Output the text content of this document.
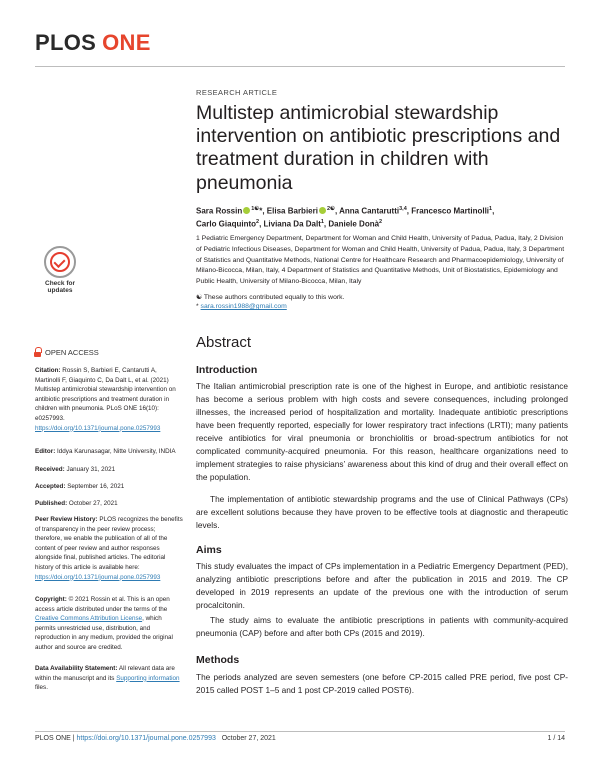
PLOS ONE
RESEARCH ARTICLE
Multistep antimicrobial stewardship intervention on antibiotic prescriptions and treatment duration in children with pneumonia
Sara Rossin $^{1☯}$*, Elisa Barbieri $^{2☯}$, Anna Cantarutti$^{3,4}$, Francesco Martinolli$^1$,
Carlo Giaquinto$^2$, Liviana Da Dalt$^1$, Daniele Donà$^2$
1 Pediatric Emergency Department, Department for Woman and Child Health, University of Padua, Padua, Italy, 2 Division of Pediatric Infectious Diseases, Department for Woman and Child Health, University of Padua, Padua, Italy, 3 Department of Statistics and Quantitative Methods, National Centre for Healthcare Research and Pharmacoepidemiology, University of Milano-Bicocca, Milan, Italy, 4 Department of Statistics and Quantitative Methods, Unit of Biostatistics, Epidemiology and Public Health, University of Milano-Bicocca, Milan, Italy
☯ These authors contributed equally to this work.
* sara.rossin1988@gmail.com
Abstract
Introduction
The Italian antimicrobial prescription rate is one of the highest in Europe, and antibiotic resistance has become a serious problem with high costs and severe consequences, including prolonged illnesses, the increased period of hospitalization and mortality. Inadequate antibiotic prescriptions have been frequently reported, especially for lower respiratory tract infections (LRTI); many patients receive antibiotics for viral pneumonia or bronchiolitis or broad-spectrum antibiotics for not complicated community-acquired pneumonia. For this reason, healthcare organizations need to implement strategies to raise physicians’ awareness about this kind of drug and their overall effect on the population.
The implementation of antibiotic stewardship programs and the use of Clinical Pathways (CPs) are excellent solutions because they have proven to be effective tools at diagnostic and therapeutic levels.
Aims
This study evaluates the impact of CPs implementation in a Pediatric Emergency Department (PED), analyzing antibiotic prescriptions before and after the publication in 2015 and 2019. The CP developed in 2019 represents an update of the previous one with the introduction of serum procalcitonin.
The study aims to evaluate the antibiotic prescriptions in patients with community-acquired pneumonia (CAP) before and after both CPs (2015 and 2019).
Methods
The periods analyzed are seven semesters (one before CP-2015 called PRE period, five post CP-2015 called POST 1–5 and 1 post CP-2019 called POST6).
Check for
updates
OPEN ACCESS
Citation: Rossin S, Barbieri E, Cantarutti A, Martinolli F, Giaquinto C, Da Dalt L, et al. (2021) Multistep antimicrobial stewardship intervention on antibiotic prescriptions and treatment duration in children with pneumonia. PLoS ONE 16(10): e0257993. https://doi.org/10.1371/journal.pone.0257993
Editor: Iddya Karunasagar, Nitte University, INDIA
Received: January 31, 2021
Accepted: September 16, 2021
Published: October 27, 2021
Peer Review History: PLOS recognizes the benefits of transparency in the peer review process; therefore, we enable the publication of all of the content of peer review and author responses alongside final, published articles. The editorial history of this article is available here: https://doi.org/10.1371/journal.pone.0257993
Copyright: © 2021 Rossin et al. This is an open access article distributed under the terms of the Creative Commons Attribution License, which permits unrestricted use, distribution, and reproduction in any medium, provided the original author and source are credited.
Data Availability Statement: All relevant data are within the manuscript and its Supporting information files.
PLOS ONE | https://doi.org/10.1371/journal.pone.0257993 October 27, 2021	1 / 14
